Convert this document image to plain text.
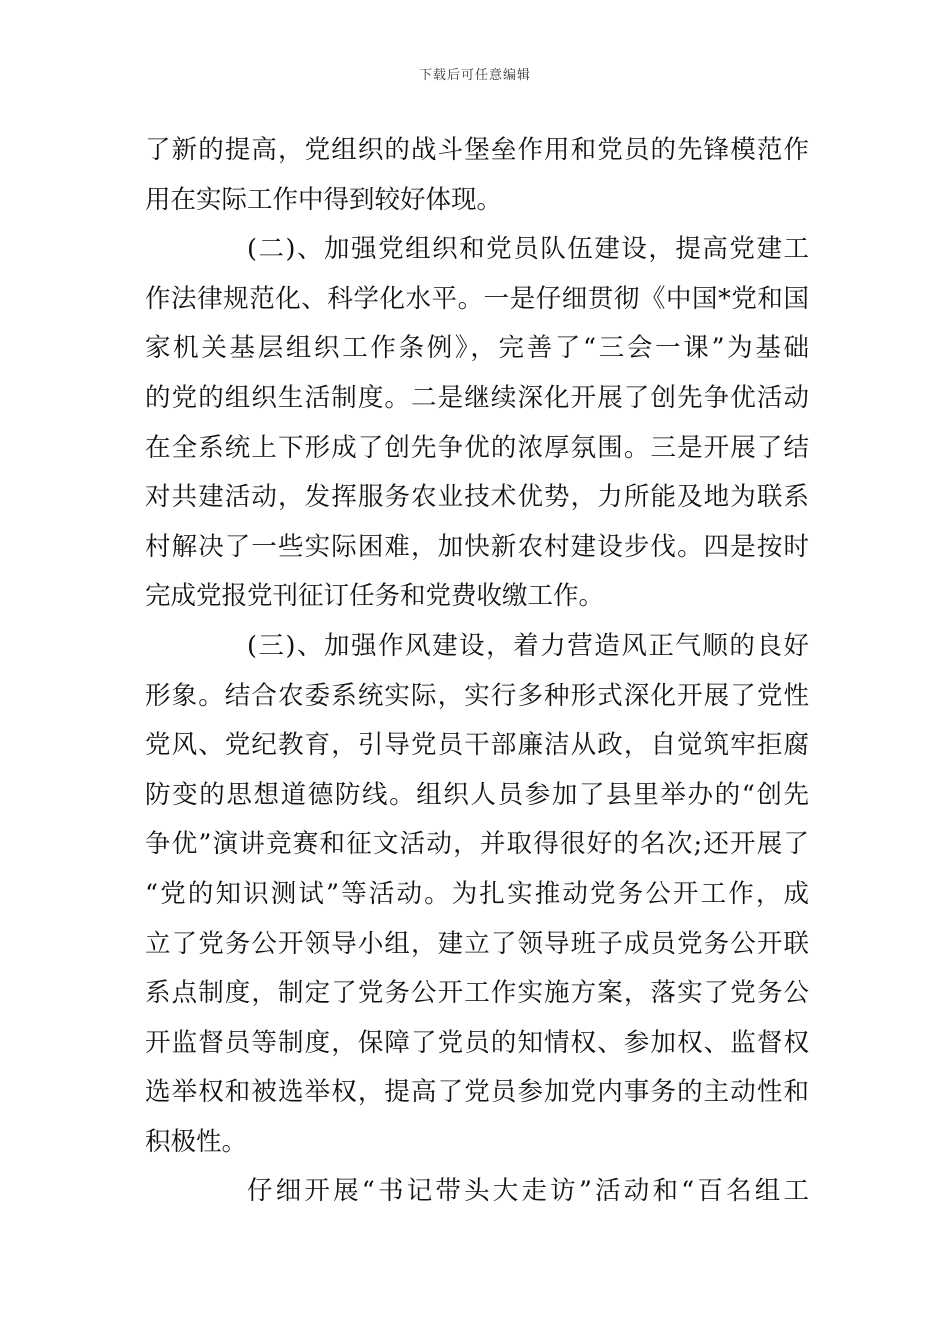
下载后可任意编辑
了新的提高，党组织的战斗堡垒作用和党员的先锋模范作
用在实际工作中得到较好体现。
(二)、加强党组织和党员队伍建设，提高党建工
作法律规范化、科学化水平。一是仔细贯彻《中国*党和国
家机关基层组织工作条例》，完善了“三会一课”为基础
的党的组织生活制度。二是继续深化开展了创先争优活动
在全系统上下形成了创先争优的浓厚氛围。三是开展了结
对共建活动，发挥服务农业技术优势，力所能及地为联系
村解决了一些实际困难，加快新农村建设步伐。四是按时
完成党报党刊征订任务和党费收缴工作。
(三)、加强作风建设，着力营造风正气顺的良好
形象。结合农委系统实际，实行多种形式深化开展了党性
党风、党纪教育，引导党员干部廉洁从政，自觉筑牢拒腐
防变的思想道德防线。组织人员参加了县里举办的“创先
争优”演讲竞赛和征文活动，并取得很好的名次;还开展了
“党的知识测试”等活动。为扎实推动党务公开工作，成
立了党务公开领导小组，建立了领导班子成员党务公开联
系点制度，制定了党务公开工作实施方案，落实了党务公
开监督员等制度，保障了党员的知情权、参加权、监督权
选举权和被选举权，提高了党员参加党内事务的主动性和
积极性。
仔细开展“书记带头大走访”活动和“百名组工
